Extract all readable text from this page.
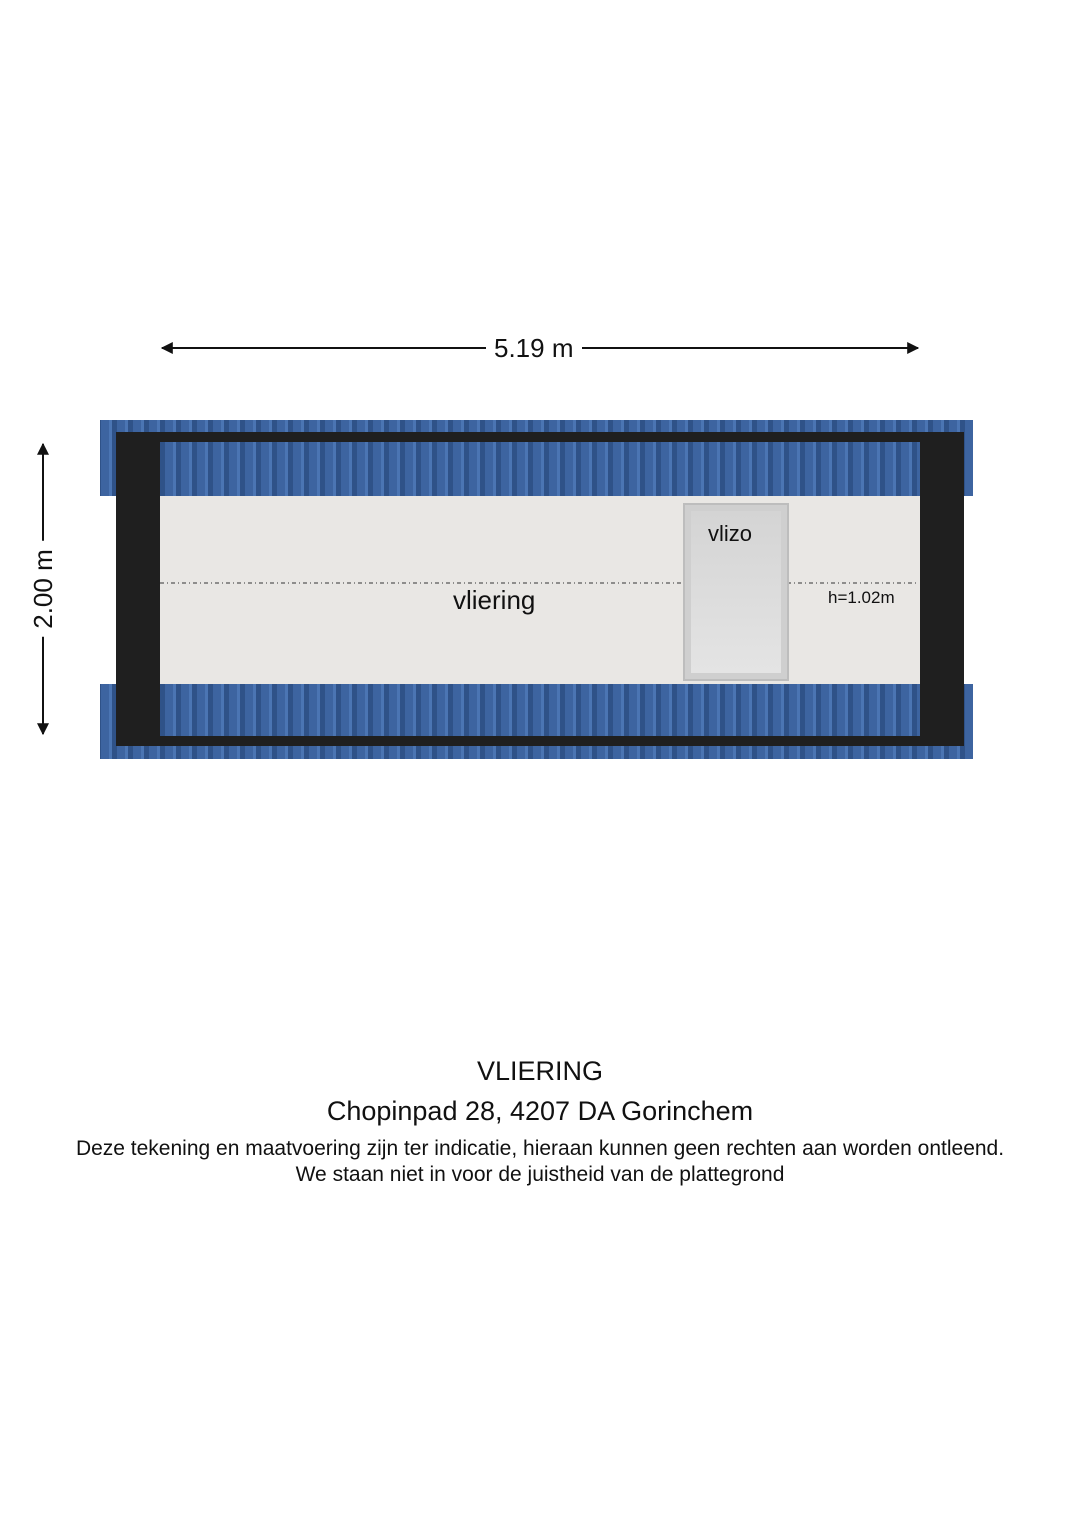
5.19 m
2.00 m	vliering
vlizo
h=1.02m
VLIERING
Chopinpad 28, 4207 DA Gorinchem
Deze tekening en maatvoering zijn ter indicatie, hieraan kunnen geen rechten aan worden ontleend.
We staan niet in voor de juistheid van de plattegrond
